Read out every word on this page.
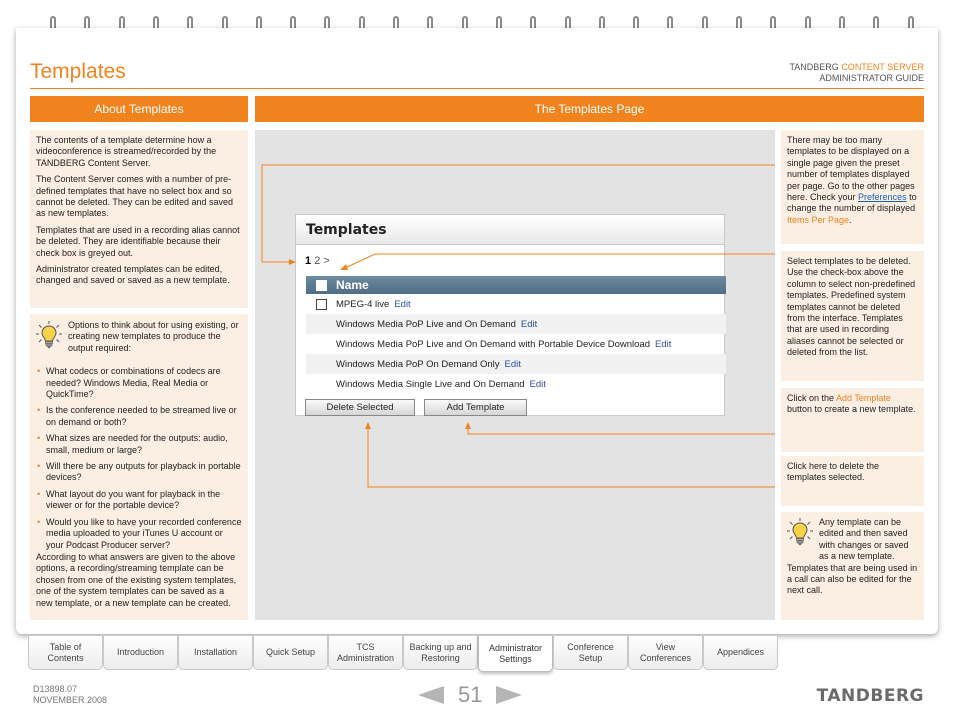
Templates	TANDBERG CONTENT SERVER
ADMINISTRATOR GUIDE
About Templates	The Templates Page

The contents of a template determine how a videoconference is streamed/recorded by the TANDBERG Content Server.

The Content Server comes with a number of pre-defined templates that have no select box and so cannot be deleted. They can be edited and saved as new templates.

Templates that are used in a recording alias cannot be deleted. They are identifiable because their check box is greyed out.

Administrator created templates can be edited, changed and saved or saved as a new template.

Options to think about for using existing, or creating new templates to produce the output required:
• What codecs or combinations of codecs are needed? Windows Media, Real Media or QuickTime?
• Is the conference needed to be streamed live or on demand or both?
• What sizes are needed for the outputs: audio, small, medium or large?
• Will there be any outputs for playback in portable devices?
• What layout do you want for playback in the viewer or for the portable device?
• Would you like to have your recorded conference media uploaded to your iTunes U account or your Podcast Producer server?

According to what answers are given to the above options, a recording/streaming template can be chosen from one of the existing system templates, one of the system templates can be saved as a new template, or a new template can be created.

Templates
1 2 >
Name
MPEG-4 live Edit
Windows Media PoP Live and On Demand Edit
Windows Media PoP Live and On Demand with Portable Device Download Edit
Windows Media PoP On Demand Only Edit
Windows Media Single Live and On Demand Edit
Delete Selected	Add Template
There may be too many templates to be displayed on a single page given the preset number of templates displayed per page. Go to the other pages here. Check your Preferences to change the number of displayed Items Per Page.
Select templates to be deleted. Use the check-box above the column to select non-predefined templates. Predefined system templates cannot be deleted from the interface. Templates that are used in recording aliases cannot be selected or deleted from the list.
Click on the Add Template button to create a new template.
Click here to delete the templates selected.
Any template can be edited and then saved with changes or saved as a new template.
Templates that are being used in a call can also be edited for the next call.
Table of
Contents
Introduction	Installation	Quick Setup
TCS
Administration
Backing up and
Restoring
Administrator
Settings
Conference
Setup
View
Conferences
Appendices
D13898.07
NOVEMBER 2008	51	TANDBERG
